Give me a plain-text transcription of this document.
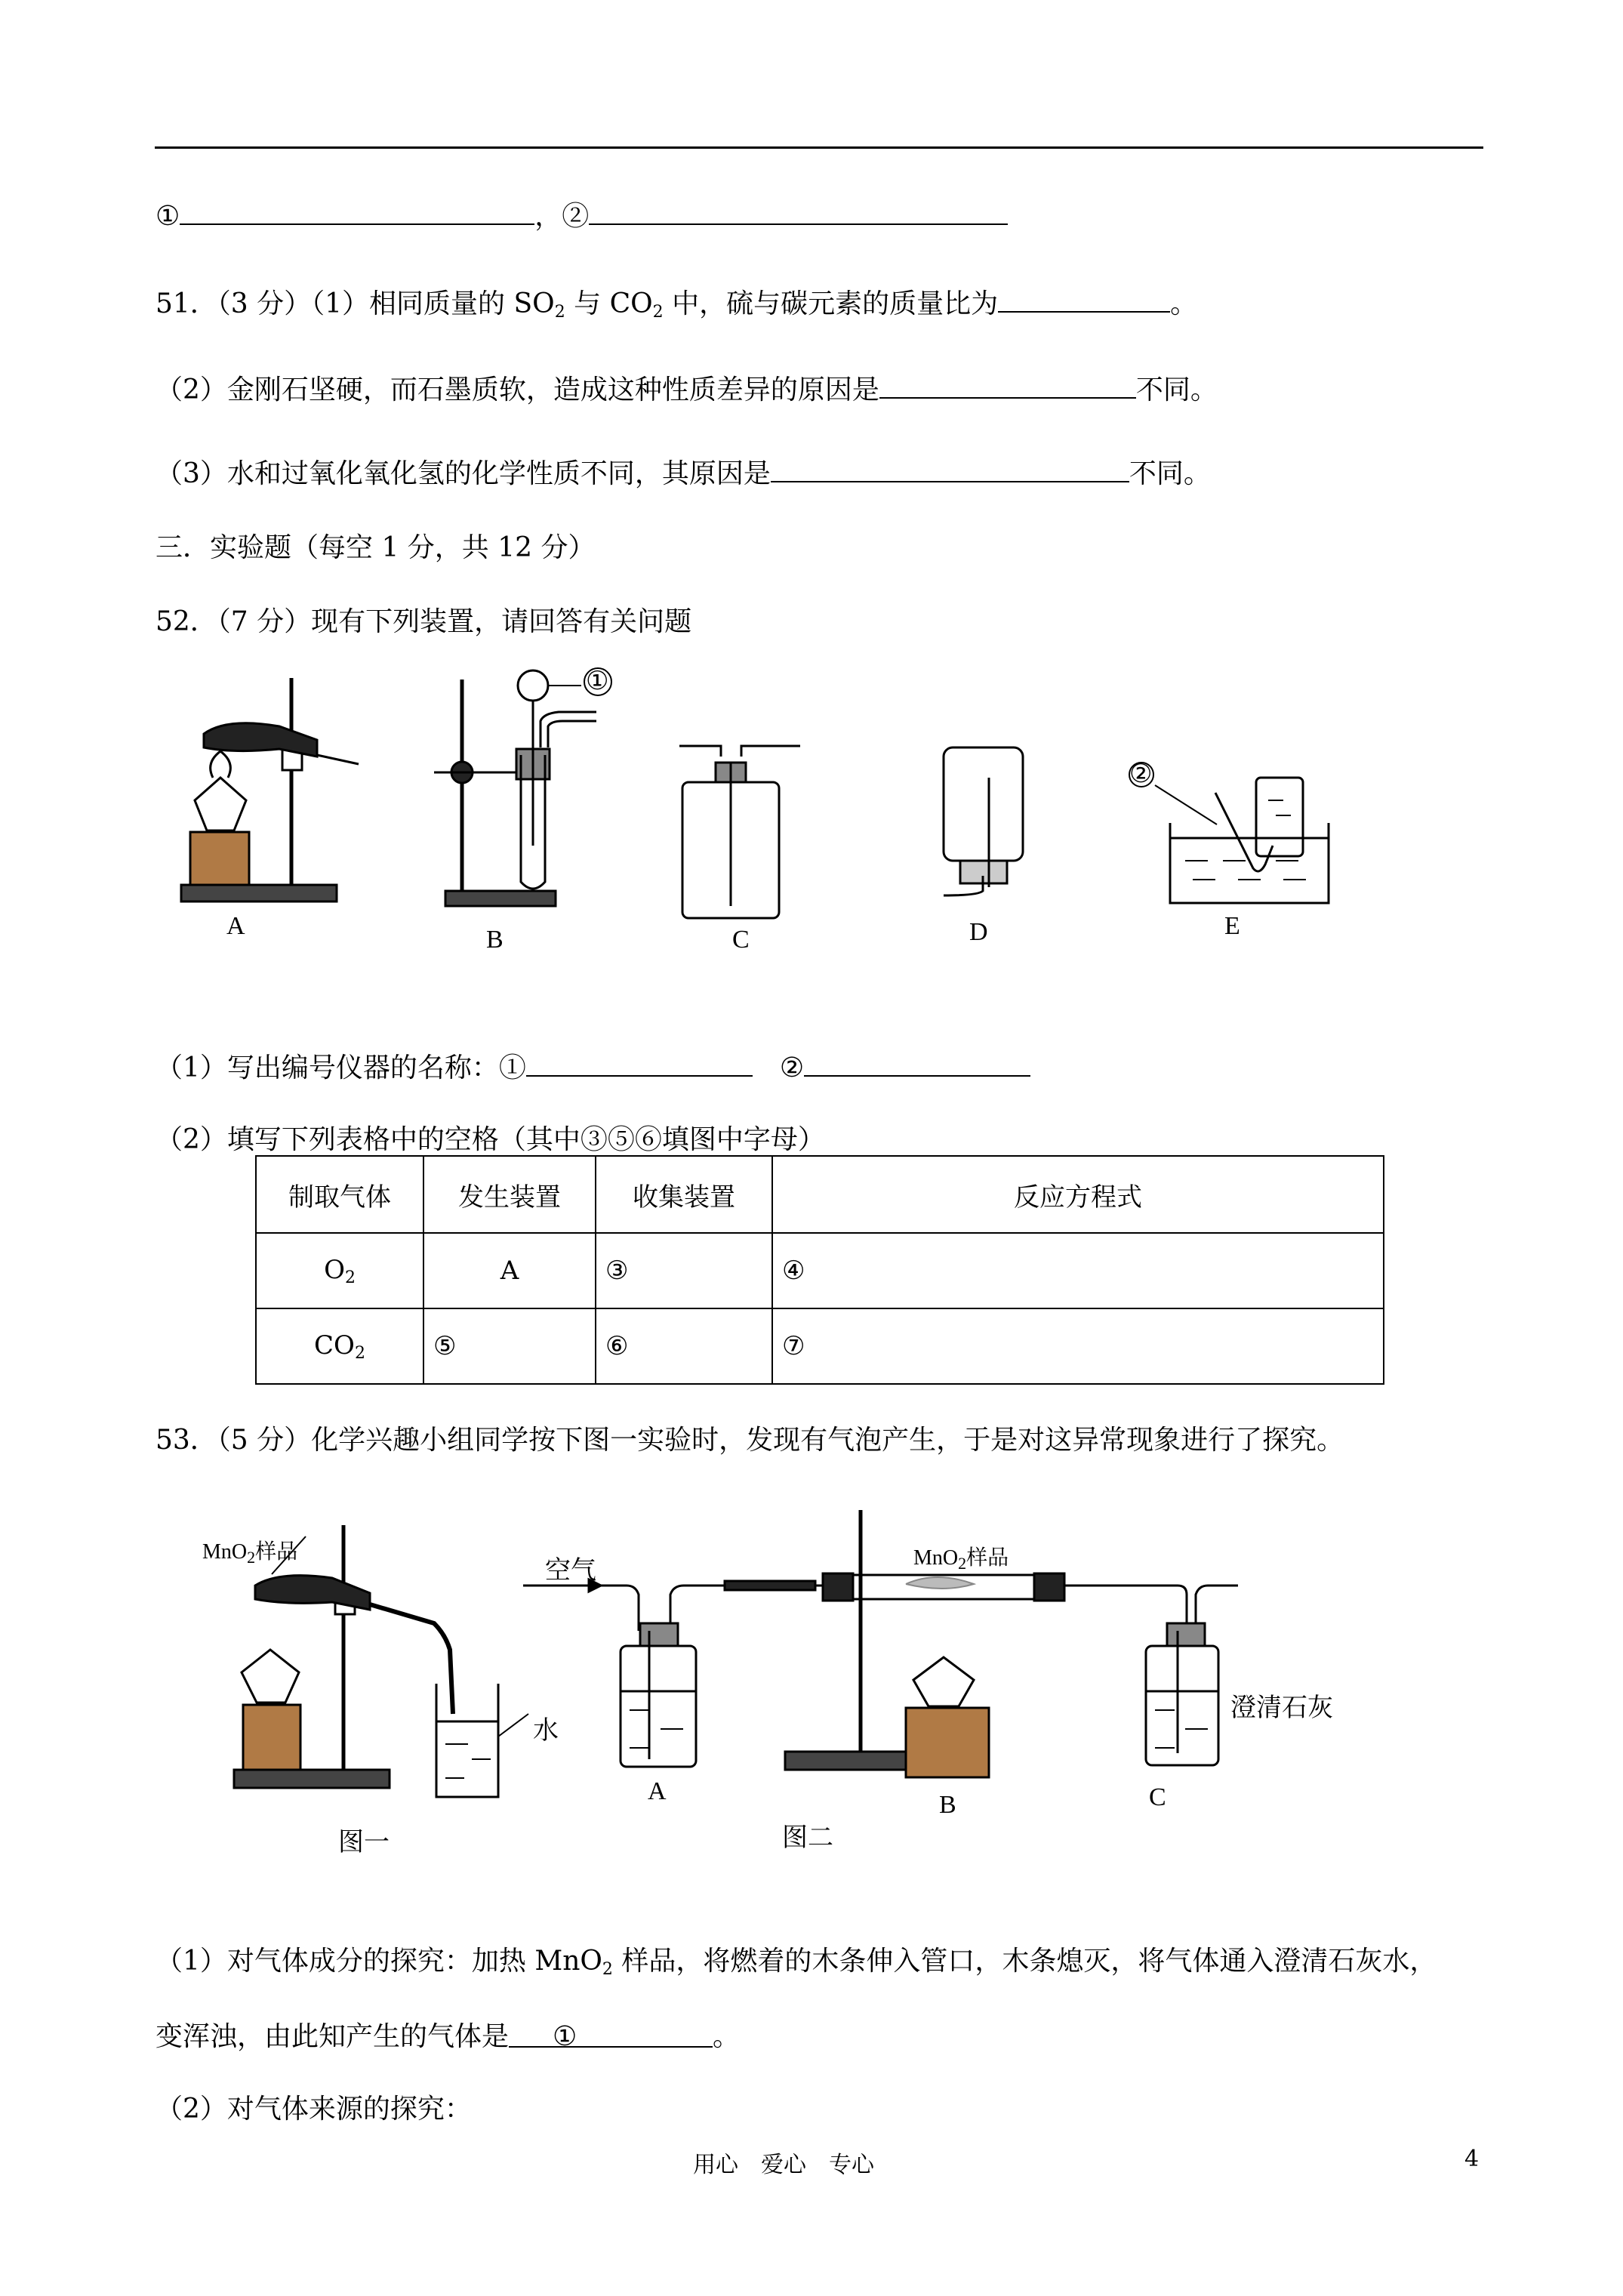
①	，②
51．（3 分）（1）相同质量的 $SO_2$ 与 $CO_2$ 中，硫与碳元素的质量比为	。
（2）金刚石坚硬，而石墨质软，造成这种性质差异的原因是	不同。
（3）水和过氧化氧化氢的化学性质不同，其原因是	不同。
三．实验题（每空 1 分，共 12 分）
52．（7 分）现有下列装置，请回答有关问题
①
②
A	B	C	D	E
（1）写出编号仪器的名称：①	②
（2）填写下列表格中的空格（其中③⑤⑥填图中字母）
制取气体	发生装置	收集装置	反应方程式
$O_2$	A	③	④
$CO_2$	⑤	⑥	⑦
53．（5 分）化学兴趣小组同学按下图一实验时，发现有气泡产生，于是对这异常现象进行了探究。
MnO$_2$样品
水
空气	MnO$_2$样品
澄清石灰
A	B	C
图一	图二
（1）对气体成分的探究：加热 MnO$_2$ 样品，将燃着的木条伸入管口，木条熄灭，将气体通入澄清石灰水，
变浑浊，由此知产生的气体是 ①	。
（2）对气体来源的探究：
用心　爱心　专心	4
